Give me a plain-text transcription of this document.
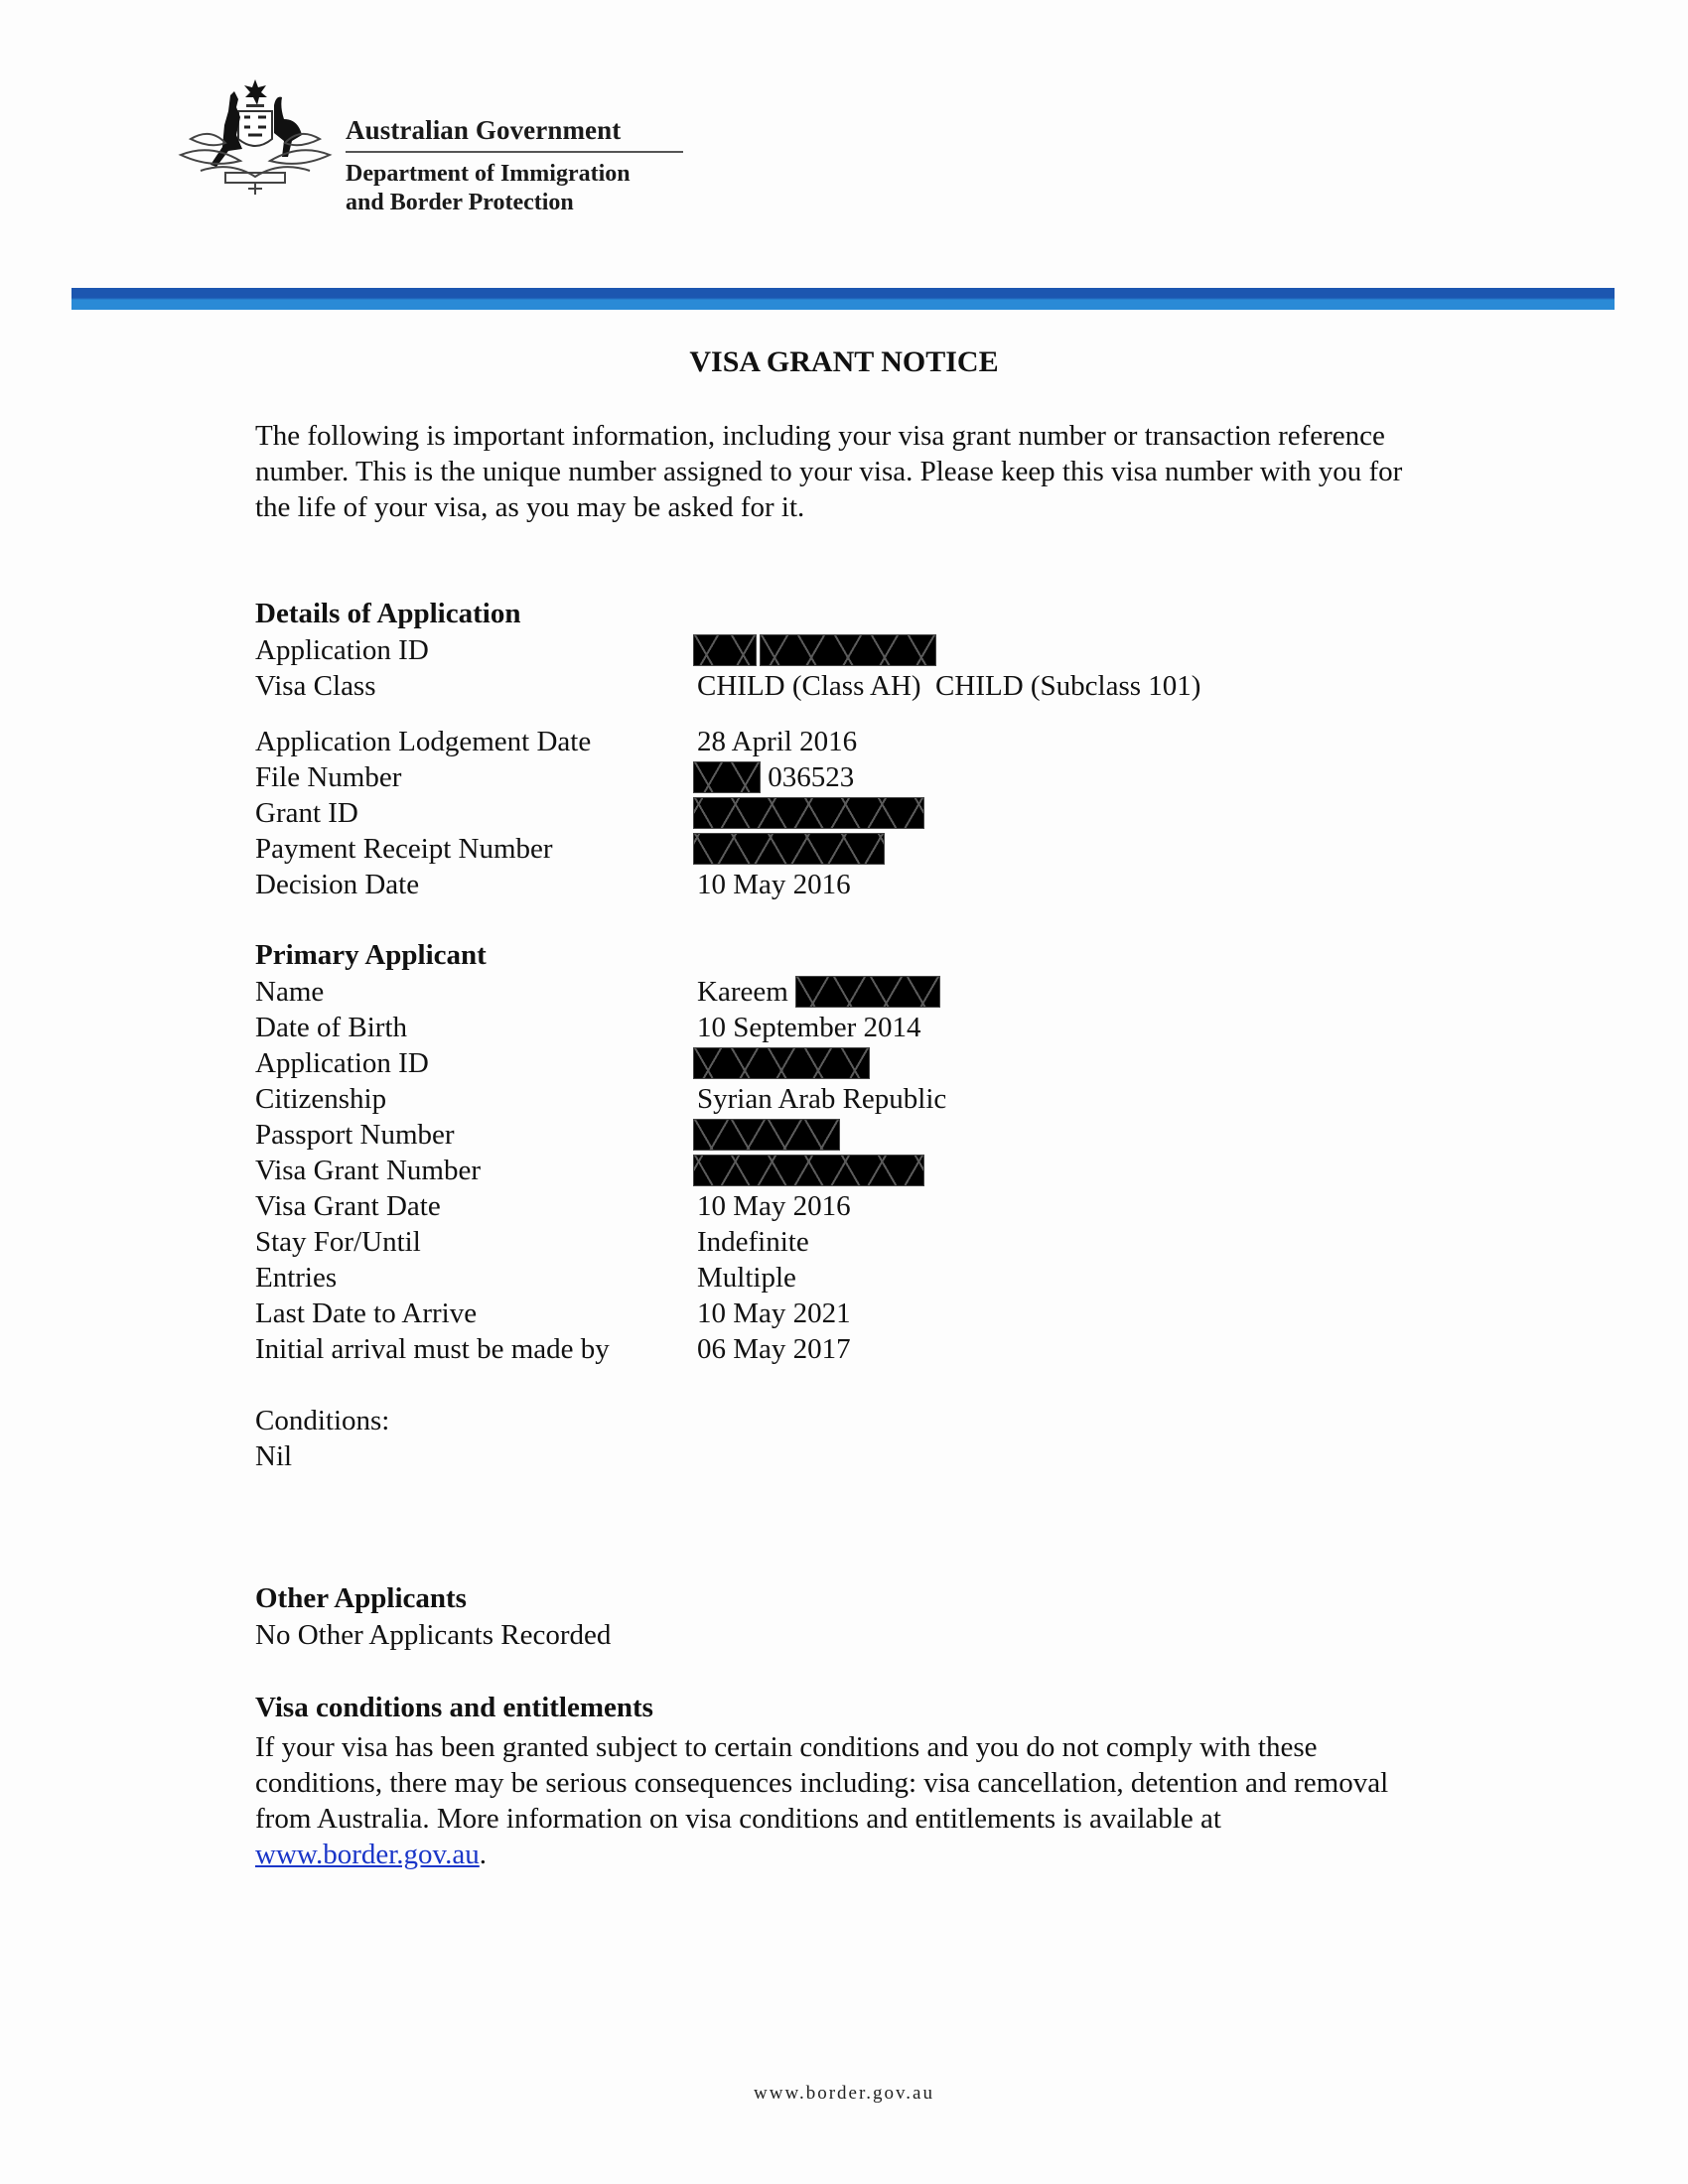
Australian Government
Department of Immigration
and Border Protection
VISA GRANT NOTICE
The following is important information, including your visa grant number or transaction reference number. This is the unique number assigned to your visa. Please keep this visa number with you for the life of your visa, as you may be asked for it.
Details of Application
Application ID
Visa Class	CHILD (Class AH)  CHILD (Subclass 101)
Application Lodgement Date	28 April 2016
File Number	036523
Grant ID
Payment Receipt Number
Decision Date	10 May 2016
Primary Applicant
Name	Kareem
Date of Birth	10 September 2014
Application ID
Citizenship	Syrian Arab Republic
Passport Number
Visa Grant Number
Visa Grant Date	10 May 2016
Stay For/Until	Indefinite
Entries	Multiple
Last Date to Arrive	10 May 2021
Initial arrival must be made by	06 May 2017
Conditions:
Nil
Other Applicants
No Other Applicants Recorded
Visa conditions and entitlements
If your visa has been granted subject to certain conditions and you do not comply with these conditions, there may be serious consequences including: visa cancellation, detention and removal from Australia. More information on visa conditions and entitlements is available at www.border.gov.au.
www.border.gov.au
